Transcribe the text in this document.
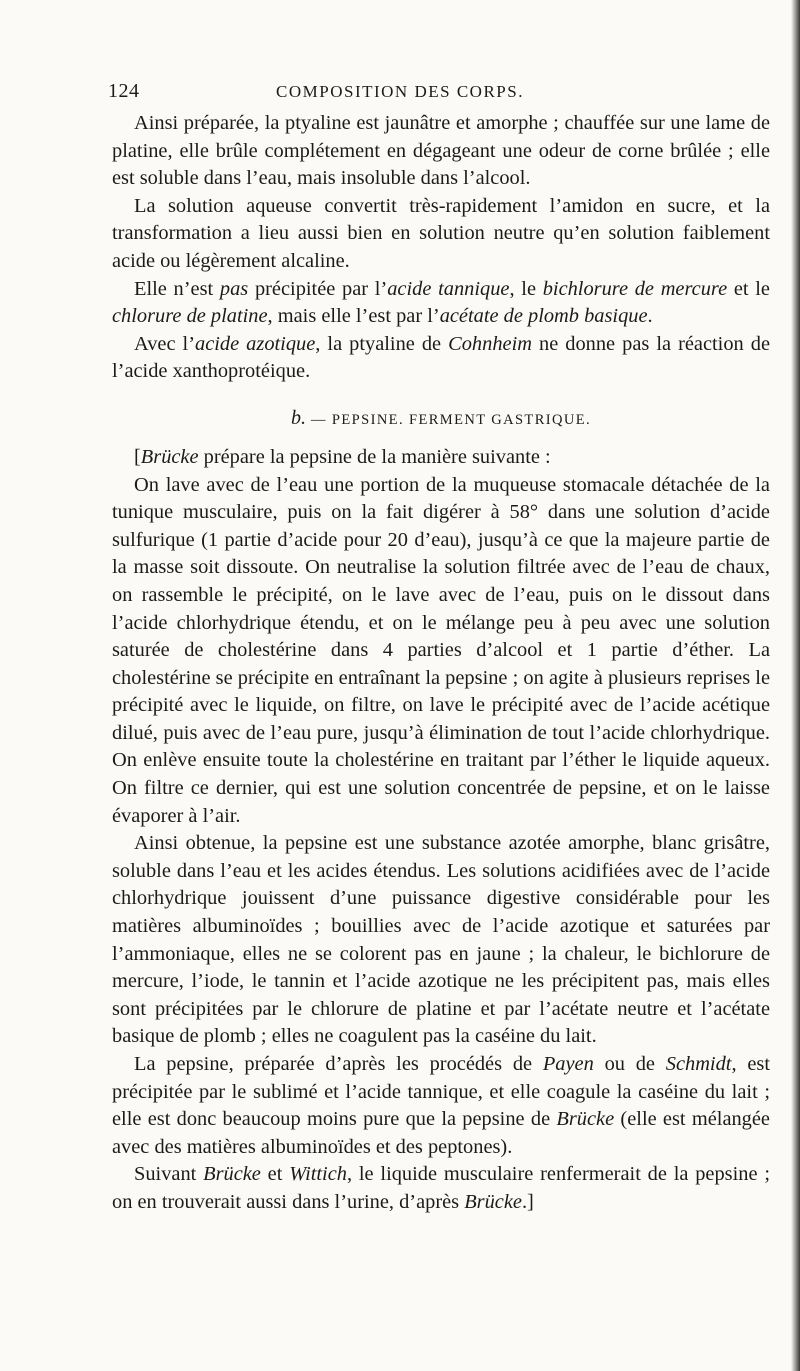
124	COMPOSITION DES CORPS.

Ainsi préparée, la ptyaline est jaunâtre et amorphe ; chauffée sur une lame de platine, elle brûle complétement en dégageant une odeur de corne brûlée ; elle est soluble dans l’eau, mais insoluble dans l’alcool.

La solution aqueuse convertit très-rapidement l’amidon en sucre, et la transformation a lieu aussi bien en solution neutre qu’en solution faiblement acide ou légèrement alcaline.

Elle n’est pas précipitée par l’acide tannique, le bichlorure de mercure et le chlorure de platine, mais elle l’est par l’acétate de plomb basique.

Avec l’acide azotique, la ptyaline de Cohnheim ne donne pas la réaction de l’acide xanthoprotéique.

b. — PEPSINE. FERMENT GASTRIQUE.

[Brücke prépare la pepsine de la manière suivante :

On lave avec de l’eau une portion de la muqueuse stomacale détachée de la tunique musculaire, puis on la fait digérer à 58° dans une solution d’acide sulfurique (1 partie d’acide pour 20 d’eau), jusqu’à ce que la majeure partie de la masse soit dissoute. On neutralise la solution filtrée avec de l’eau de chaux, on rassemble le précipité, on le lave avec de l’eau, puis on le dissout dans l’acide chlorhydrique étendu, et on le mélange peu à peu avec une solution saturée de cholestérine dans 4 parties d’alcool et 1 partie d’éther. La cholestérine se précipite en entraînant la pepsine ; on agite à plusieurs reprises le précipité avec le liquide, on filtre, on lave le précipité avec de l’acide acétique dilué, puis avec de l’eau pure, jusqu’à élimination de tout l’acide chlorhydrique. On enlève ensuite toute la cholestérine en traitant par l’éther le liquide aqueux. On filtre ce dernier, qui est une solution concentrée de pepsine, et on le laisse évaporer à l’air.

Ainsi obtenue, la pepsine est une substance azotée amorphe, blanc grisâtre, soluble dans l’eau et les acides étendus. Les solutions acidifiées avec de l’acide chlorhydrique jouissent d’une puissance digestive considérable pour les matières albuminoïdes ; bouillies avec de l’acide azotique et saturées par l’ammoniaque, elles ne se colorent pas en jaune ; la chaleur, le bichlorure de mercure, l’iode, le tannin et l’acide azotique ne les précipitent pas, mais elles sont précipitées par le chlorure de platine et par l’acétate neutre et l’acétate basique de plomb ; elles ne coagulent pas la caséine du lait.

La pepsine, préparée d’après les procédés de Payen ou de Schmidt, est précipitée par le sublimé et l’acide tannique, et elle coagule la caséine du lait ; elle est donc beaucoup moins pure que la pepsine de Brücke (elle est mélangée avec des matières albuminoïdes et des peptones).

Suivant Brücke et Wittich, le liquide musculaire renfermerait de la pepsine ; on en trouverait aussi dans l’urine, d’après Brücke.]
